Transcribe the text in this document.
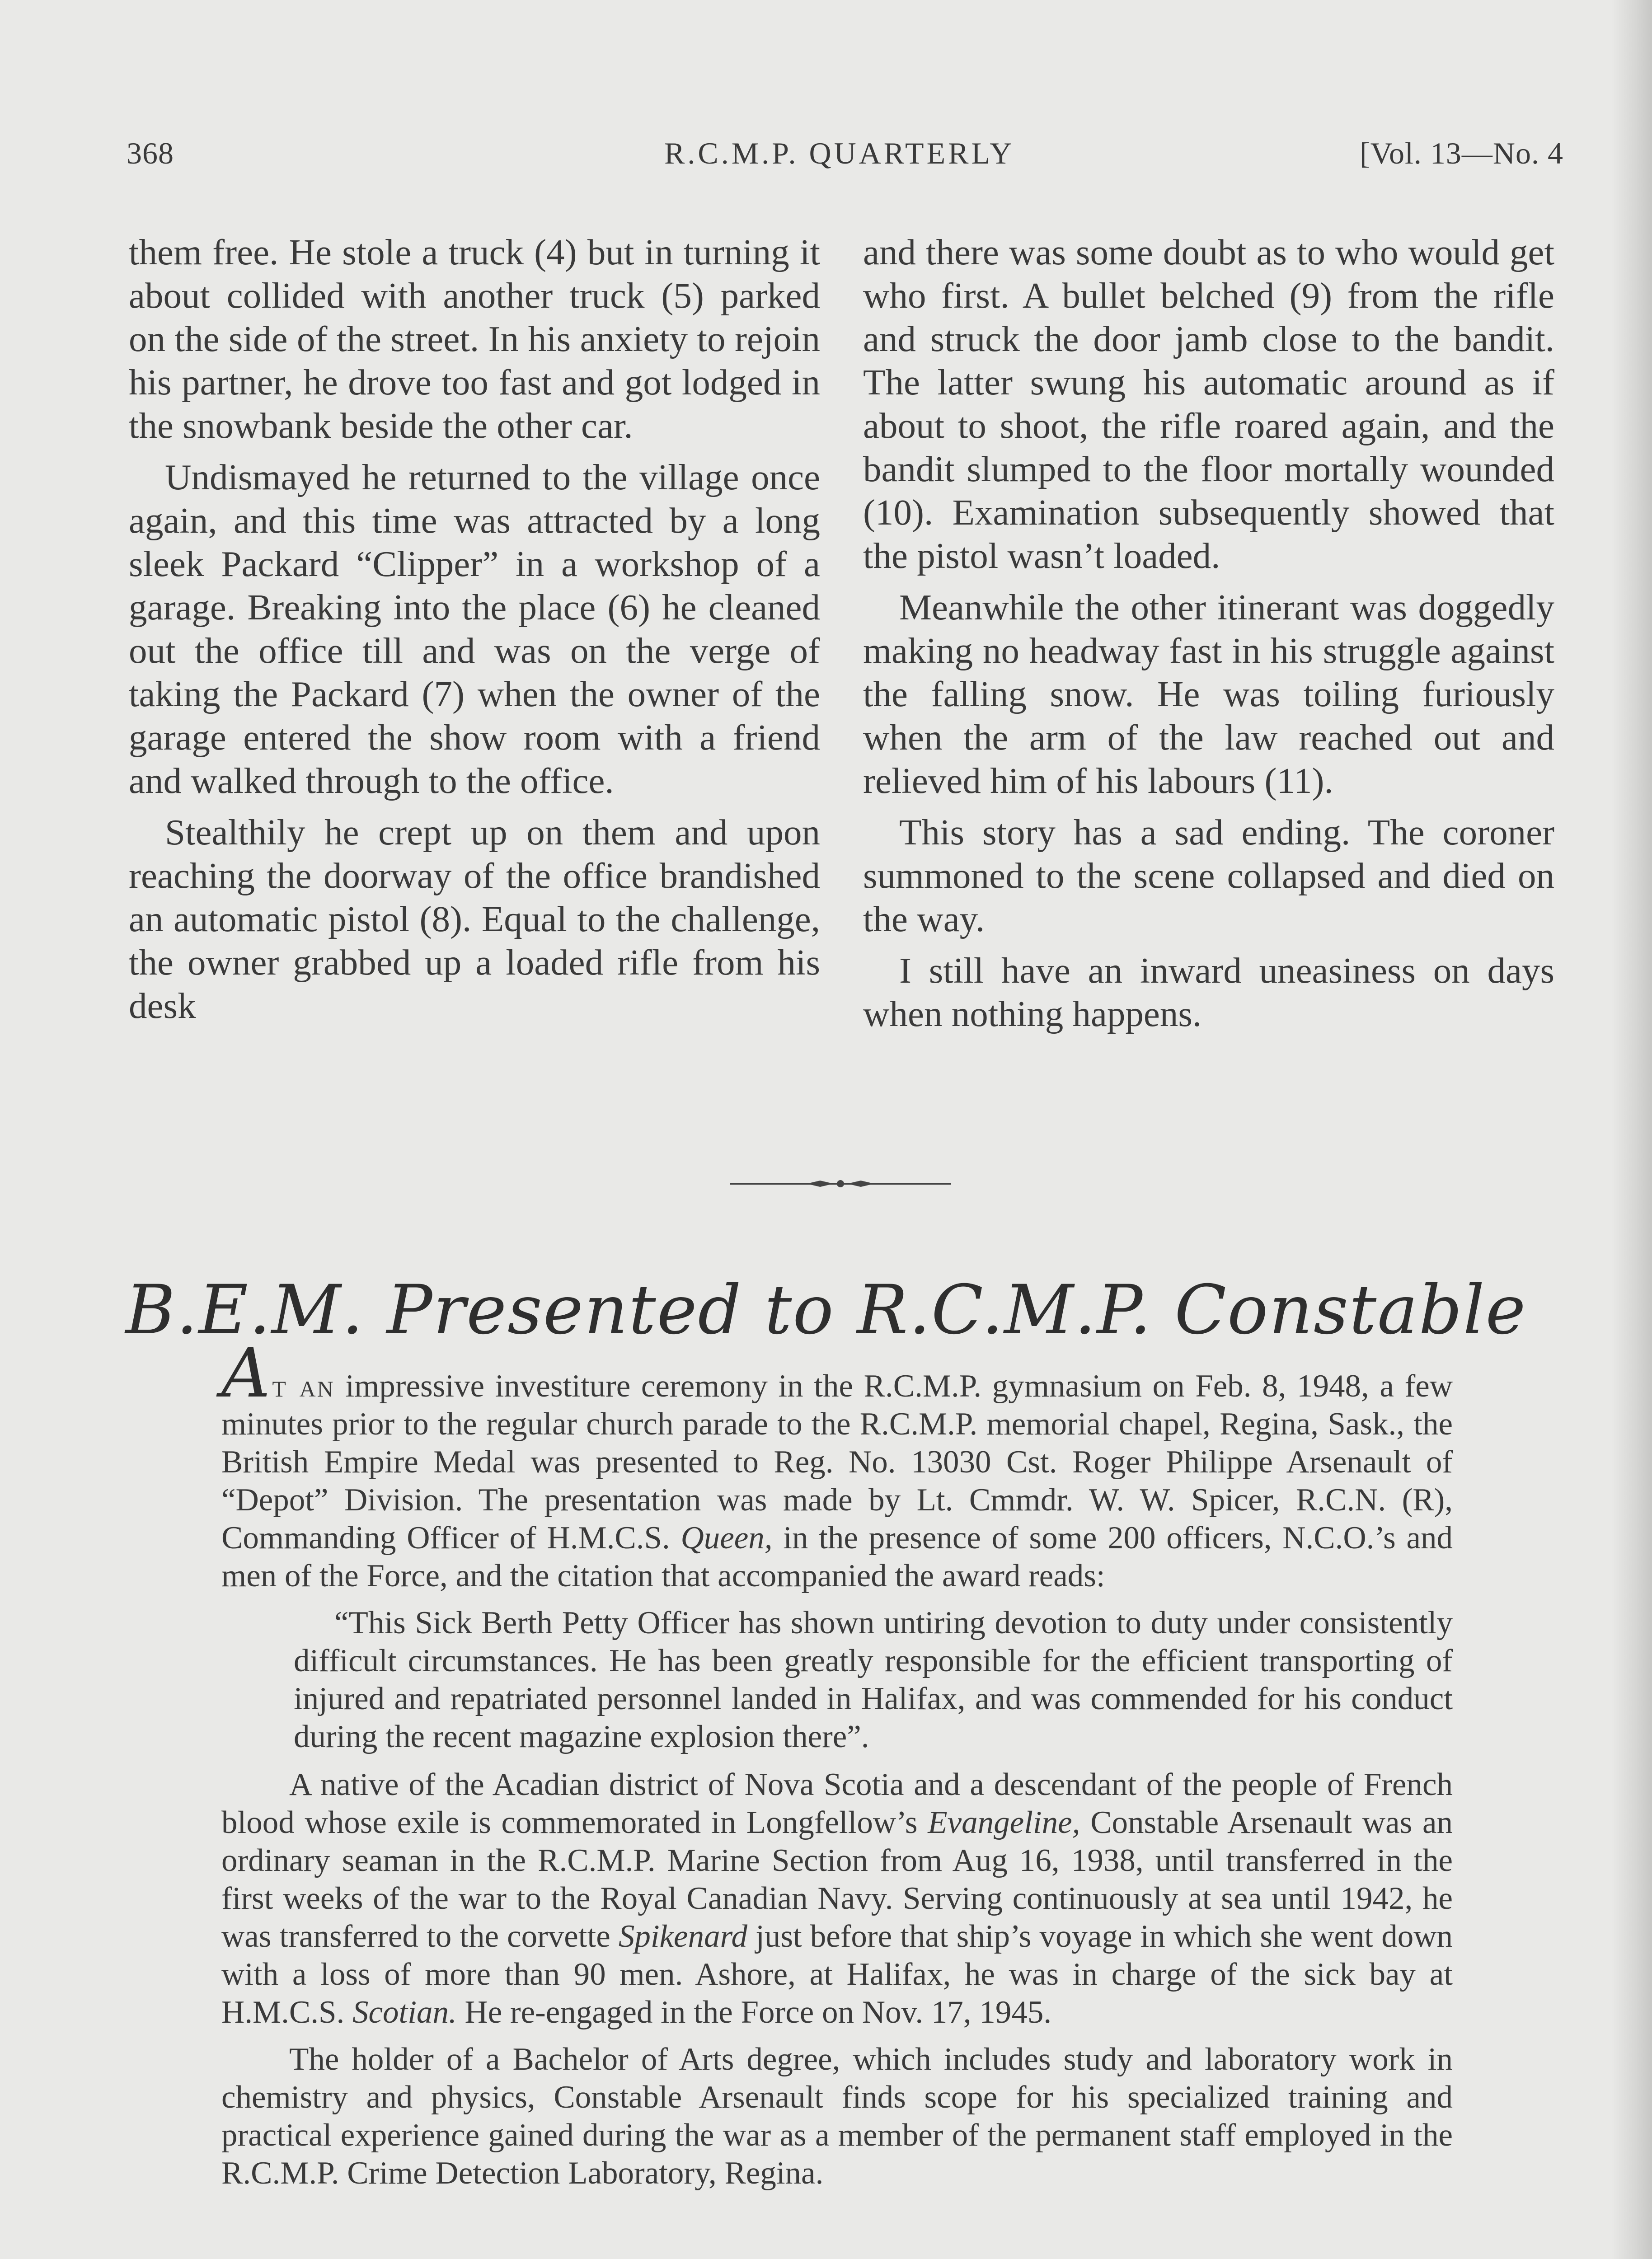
368	R.C.M.P. QUARTERLY	[Vol. 13—No. 4

them free. He stole a truck (4) but in turning it about collided with another truck (5) parked on the side of the street. In his anxiety to rejoin his partner, he drove too fast and got lodged in the snowbank beside the other car.

Undismayed he returned to the village once again, and this time was attracted by a long sleek Packard “Clipper” in a workshop of a garage. Breaking into the place (6) he cleaned out the office till and was on the verge of taking the Packard (7) when the owner of the garage entered the show room with a friend and walked through to the office.

Stealthily he crept up on them and upon reaching the doorway of the office brandished an automatic pistol (8). Equal to the challenge, the owner grabbed up a loaded rifle from his desk

and there was some doubt as to who would get who first. A bullet belched (9) from the rifle and struck the door jamb close to the bandit. The latter swung his automatic around as if about to shoot, the rifle roared again, and the bandit slumped to the floor mortally wounded (10). Examination subsequently showed that the pistol wasn’t loaded.

Meanwhile the other itinerant was doggedly making no headway fast in his struggle against the falling snow. He was toiling furiously when the arm of the law reached out and relieved him of his labours (11).

This story has a sad ending. The coroner summoned to the scene collapsed and died on the way.

I still have an inward uneasiness on days when nothing happens.

B.E.M. Presented to R.C.M.P. Constable

At an impressive investiture ceremony in the R.C.M.P. gymnasium on Feb. 8, 1948, a few minutes prior to the regular church parade to the R.C.M.P. memorial chapel, Regina, Sask., the British Empire Medal was presented to Reg. No. 13030 Cst. Roger Philippe Arsenault of “Depot” Division. The presentation was made by Lt. Cmmdr. W. W. Spicer, R.C.N. (R), Commanding Officer of H.M.C.S. Queen, in the presence of some 200 officers, N.C.O.’s and men of the Force, and the citation that accompanied the award reads:

“This Sick Berth Petty Officer has shown untiring devotion to duty under consistently difficult circumstances. He has been greatly responsible for the efficient transporting of injured and repatriated personnel landed in Halifax, and was commended for his conduct during the recent magazine explosion there”.

A native of the Acadian district of Nova Scotia and a descendant of the people of French blood whose exile is commemorated in Longfellow’s Evangeline, Constable Arsenault was an ordinary seaman in the R.C.M.P. Marine Section from Aug 16, 1938, until transferred in the first weeks of the war to the Royal Canadian Navy. Serving continuously at sea until 1942, he was transferred to the corvette Spikenard just before that ship’s voyage in which she went down with a loss of more than 90 men. Ashore, at Halifax, he was in charge of the sick bay at H.M.C.S. Scotian. He re-engaged in the Force on Nov. 17, 1945.

The holder of a Bachelor of Arts degree, which includes study and laboratory work in chemistry and physics, Constable Arsenault finds scope for his specialized training and practical experience gained during the war as a member of the permanent staff employed in the R.C.M.P. Crime Detection Laboratory, Regina.
